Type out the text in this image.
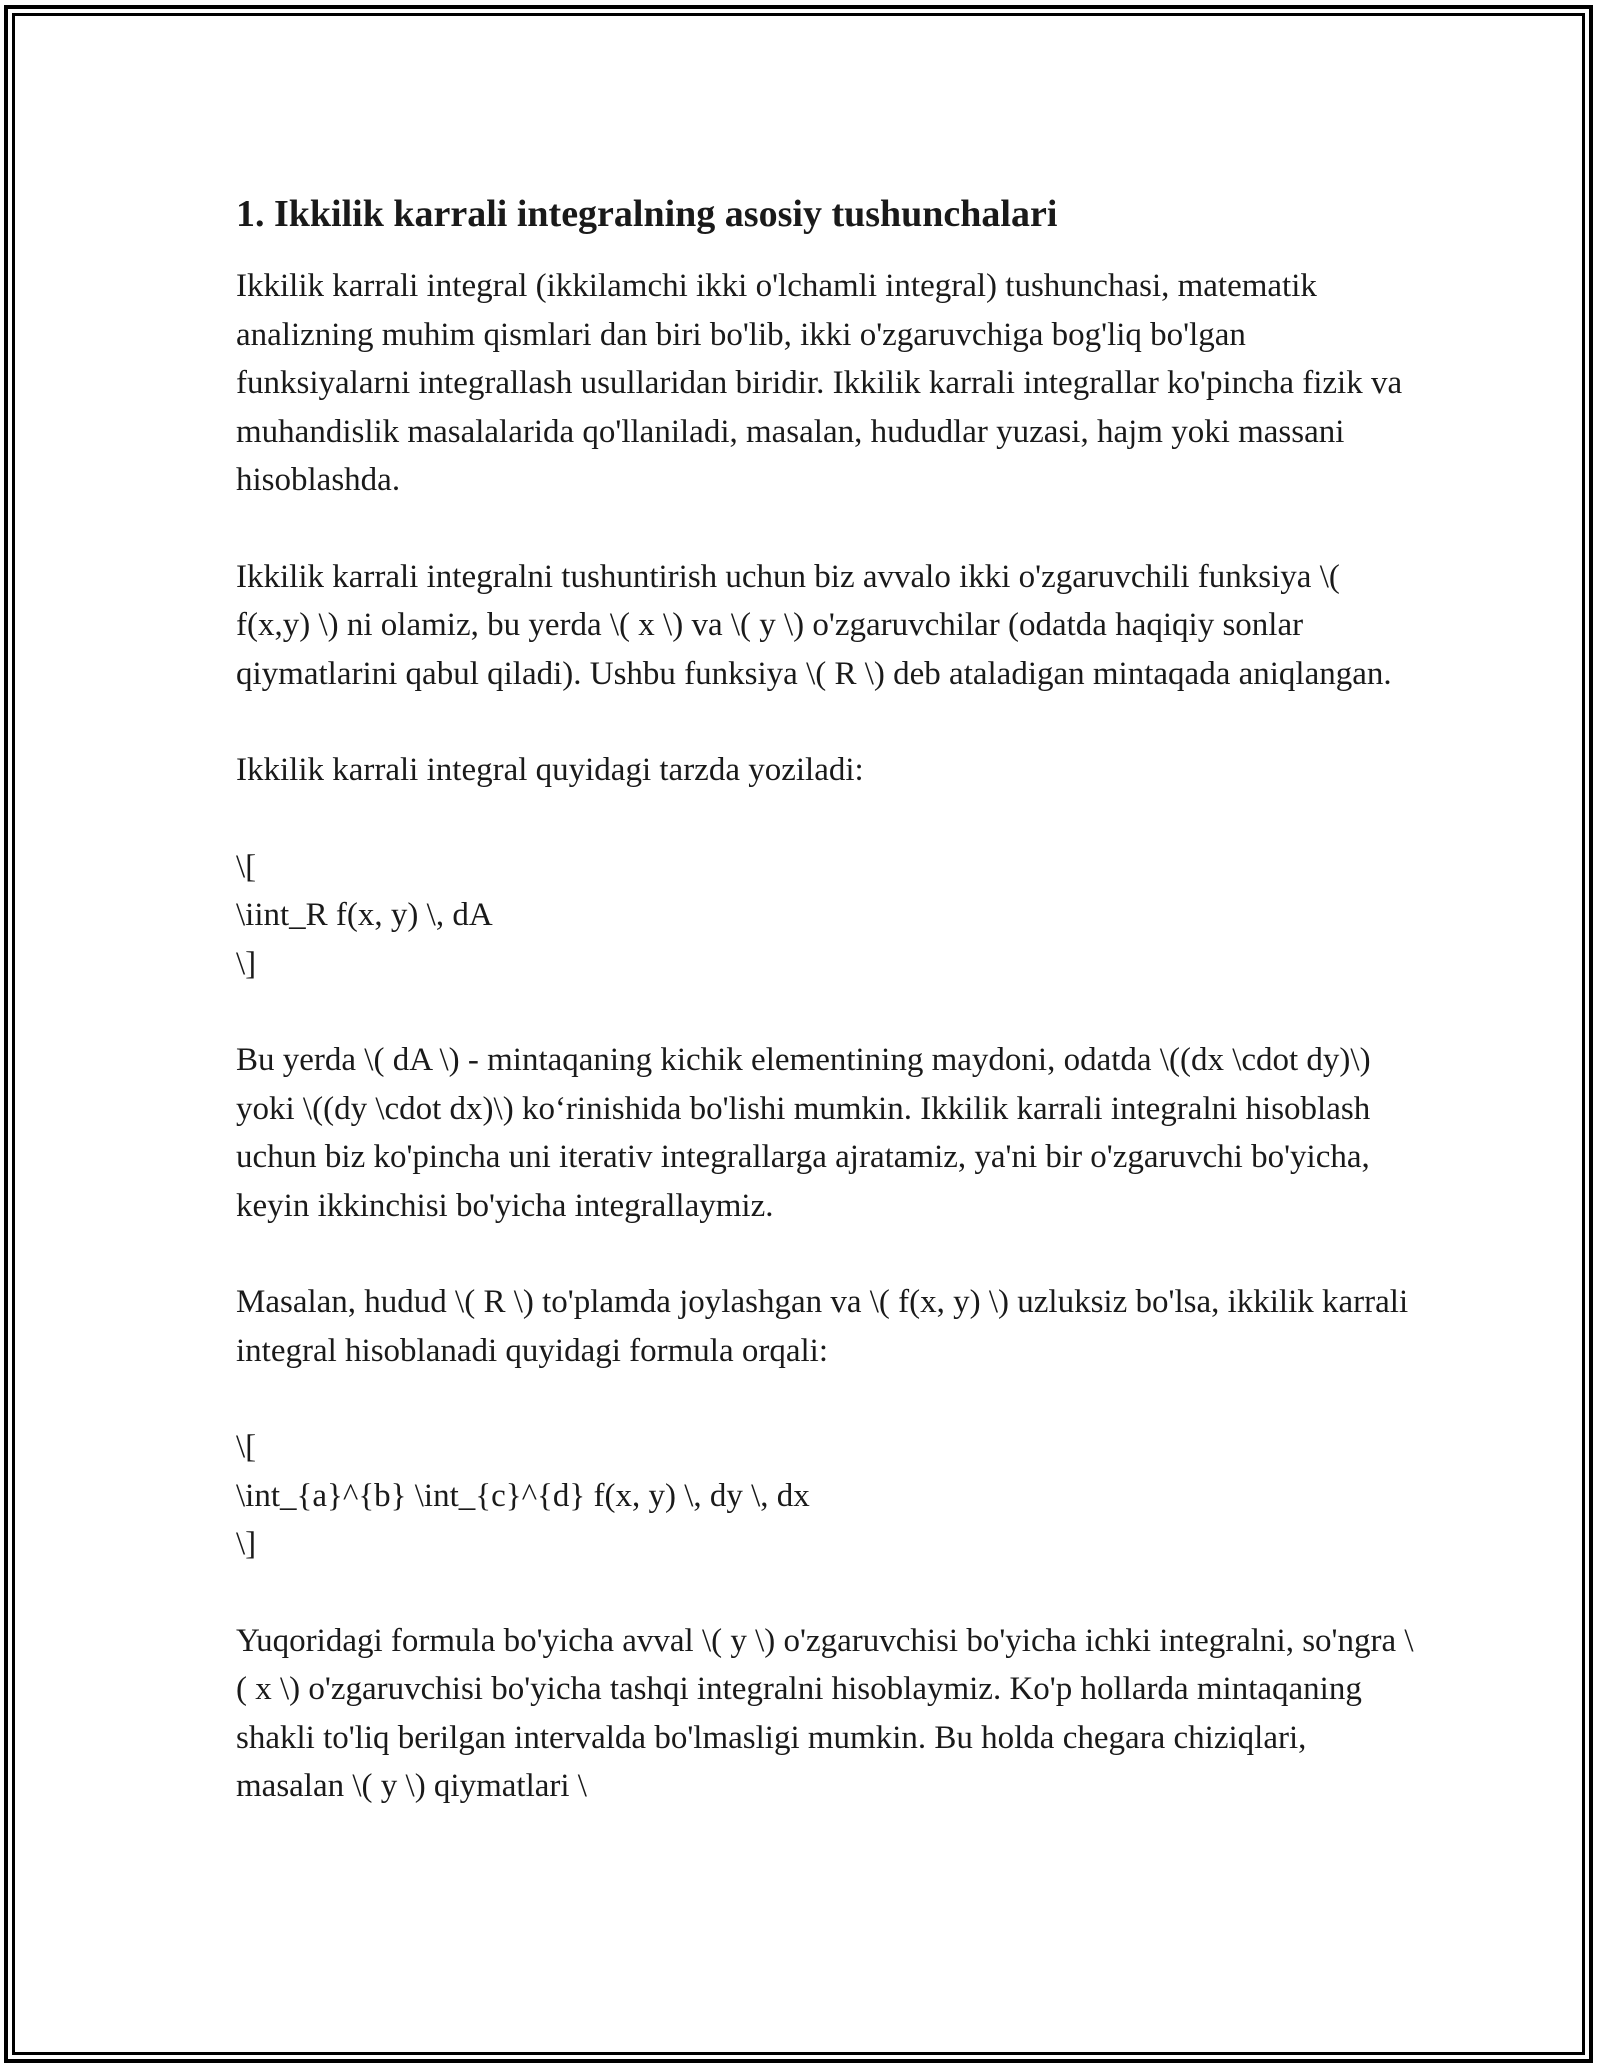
1. Ikkilik karrali integralning asosiy tushunchalari

Ikkilik karrali integral (ikkilamchi ikki o'lchamli integral) tushunchasi, matematik analizning muhim qismlari dan biri bo'lib, ikki o'zgaruvchiga bog'liq bo'lgan funksiyalarni integrallash usullaridan biridir. Ikkilik karrali integrallar ko'pincha fizik va muhandislik masalalarida qo'llaniladi, masalan, hududlar yuzasi, hajm yoki massani hisoblashda.

Ikkilik karrali integralni tushuntirish uchun biz avvalo ikki o'zgaruvchili funksiya \( f(x,y) \) ni olamiz, bu yerda \( x \) va \( y \) o'zgaruvchilar (odatda haqiqiy sonlar qiymatlarini qabul qiladi). Ushbu funksiya \( R \) deb ataladigan mintaqada aniqlangan.

Ikkilik karrali integral quyidagi tarzda yoziladi:

\[
\iint_R f(x, y) \, dA
\]

Bu yerda \( dA \) - mintaqaning kichik elementining maydoni, odatda \((dx \cdot dy)\) yoki \((dy \cdot dx)\) ko‘rinishida bo'lishi mumkin. Ikkilik karrali integralni hisoblash uchun biz ko'pincha uni iterativ integrallarga ajratamiz, ya'ni bir o'zgaruvchi bo'yicha, keyin ikkinchisi bo'yicha integrallaymiz.

Masalan, hudud \( R \) to'plamda joylashgan va \( f(x, y) \) uzluksiz bo'lsa, ikkilik karrali integral hisoblanadi quyidagi formula orqali:

\[
\int_{a}^{b} \int_{c}^{d} f(x, y) \, dy \, dx
\]

Yuqoridagi formula bo'yicha avval \( y \) o'zgaruvchisi bo'yicha ichki integralni, so'ngra \( x \) o'zgaruvchisi bo'yicha tashqi integralni hisoblaymiz. Ko'p hollarda mintaqaning shakli to'liq berilgan intervalda bo'lmasligi mumkin. Bu holda chegara chiziqlari, masalan \( y \) qiymatlari \
